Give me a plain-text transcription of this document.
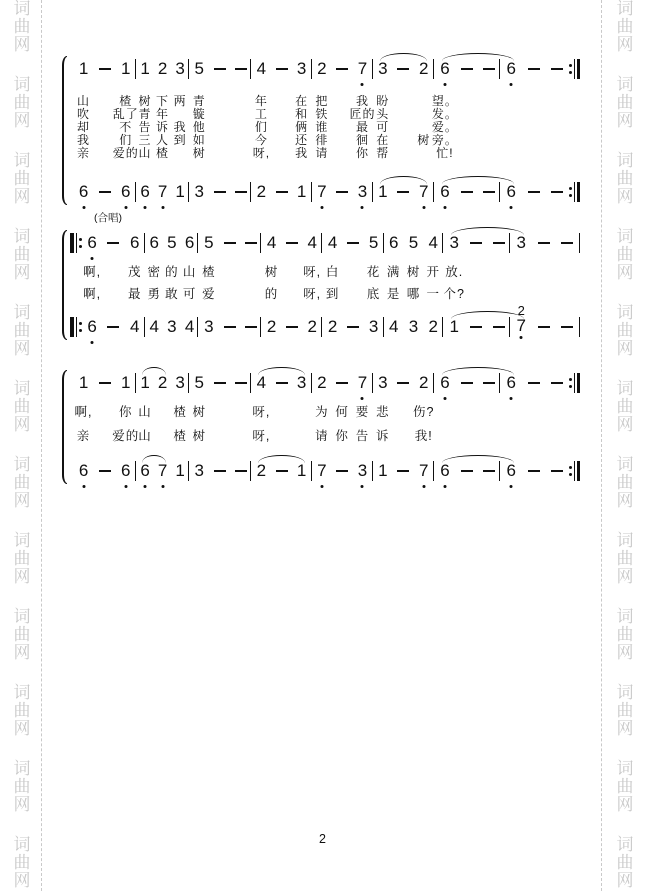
词
曲
网
词
曲
网
词
曲
网
词
曲
网
词
曲
网
词
曲
网
词
曲
网
词
曲
网
词
曲
网
词
曲
网
词
曲
网
词
曲
网
词
曲
网
词
曲
网
词
曲
网
词
曲
网
词
曲
网
词
曲
网
词
曲
网
词
曲
网
词
曲
网
词
曲
网
词
曲
网
词
曲
网
1 1 1 2 3 5	4 3 2 7 3 2 6	6
山 楂 树 下 两 青	年 在 把 我 盼	望。
吹 乱了 青 年 镟	工 和 铁 匠的 头	发。
却 不 告 诉 我 他	们 俩 谁 最 可	爱。
我 们 三 人 到 如	今 还 徘 徊 在 树 旁。
亲 爱的 山 楂 树	呀, 我 请 你 帮	忙!
6 6 6 7 1 3	2 1 7 3 1 7 6	6
(合唱)
6 6 6 5 6 5	4 4 4 5 6 5 4 3	3
啊, 茂 密 的 山 楂	树 呀, 白 花 满 树 开 放.
啊, 最 勇 敢 可 爱	的 呀, 到 底 是 哪 一 个?
6 4 4 3 4 3	2 2 2 3 4 3 2 1
2
7
1 1 1 2 3 5	4 3 2 7 3 2 6	6
啊, 你 山 楂 树	呀,	为 何 要 悲 伤?
亲 爱的 山 楂 树	呀,	请 你 告 诉 我!
6 6 6 7 1 3	2 1 7 3 1 7 6	6
2
